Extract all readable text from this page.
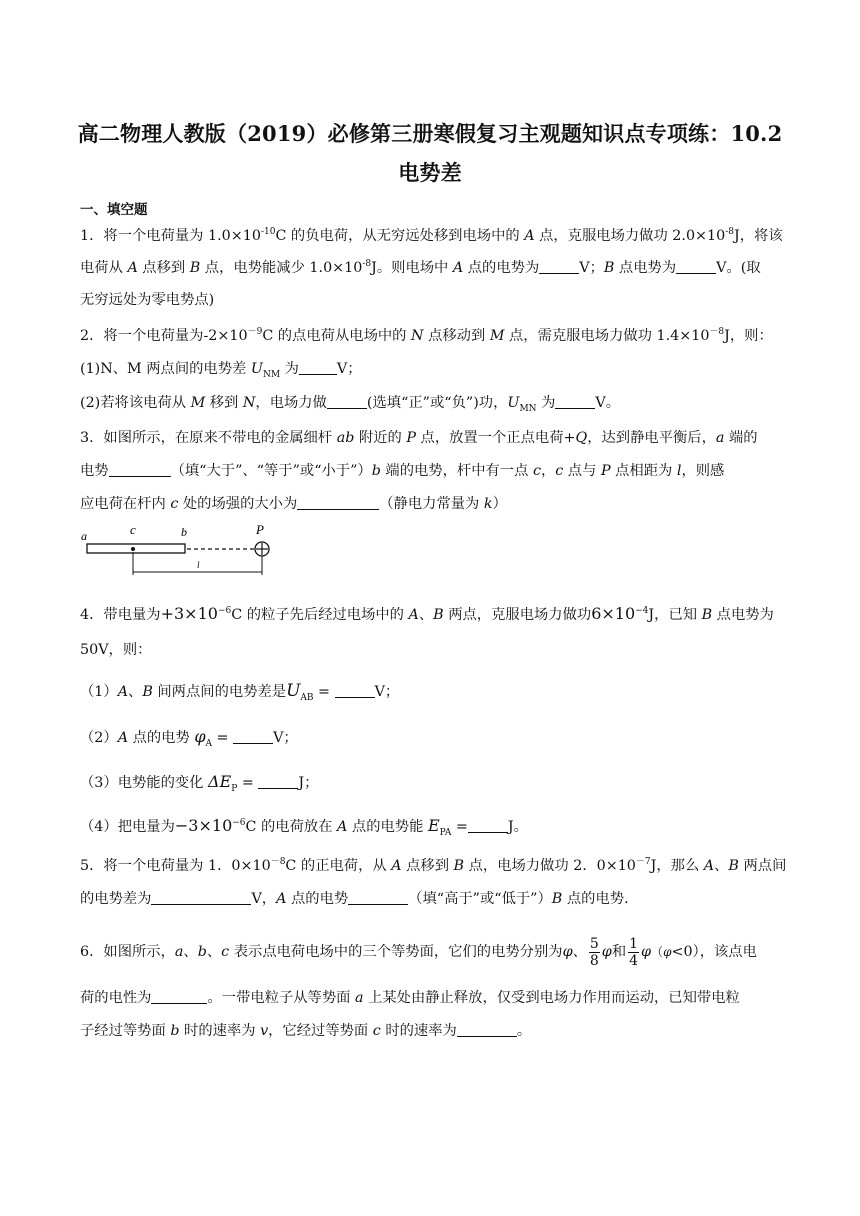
高二物理人教版（2019）必修第三册寒假复习主观题知识点专项练：10.2
电势差
一、填空题
1．将一个电荷量为 $1.0\times 10^{-10}C$ 的负电荷，从无穷远处移到电场中的 A 点，克服电场力做功 $2.0\times 10^{-8}J$，将该
电荷从 A 点移到 B 点，电势能减少 $1.0\times 10^{-8}J$。则电场中 A 点的电势为	V；B 点电势为	V。(取
无穷远处为零电势点)
2．将一个电荷量为$-2\times 10^{-9}C$ 的点电荷从电场中的 N 点移动到 M 点，需克服电场力做功 $1.4\times 10^{-8}J$，则：
(1)N、M 两点间的电势差 $U_{NM}$ 为	V；
(2)若将该电荷从 M 移到 N，电场力做	(选填“正”或“负”)功，$U_{MN}$ 为	V。
3．如图所示，在原来不带电的金属细杆 ab 附近的 P 点，放置一个正点电荷+Q，达到静电平衡后，a 端的
电势	（填“大于”、“等于”或“小于”）b 端的电势，杆中有一点 c，c 点与 P 点相距为 l，则感
应电荷在杆内 c 处的场强的大小为	（静电力常量为 k）
a	c	b	P
l
4．带电量为$+3\times 10^{-6}C$ 的粒子先后经过电场中的 A、B 两点，克服电场力做功$6\times 10^{-4}J$，已知 B 点电势为
50V，则：
（1）A、B 间两点间的电势差是$U_{AB}$ =	V；
（2）A 点的电势 $\varphi_A$ =	V；
（3）电势能的变化 $\Delta E_P$ =	J；
（4）把电量为$-3\times 10^{-6}C$ 的电荷放在 A 点的电势能 $E_{PA}$ =	J。
5．将一个电荷量为 1．$0\times 10^{-8}C$ 的正电荷，从 A 点移到 B 点，电场力做功 2．$0\times 10^{-7}J$，那么 A、B 两点间
的电势差为	V，A 点的电势	（填“高于”或“低于”）B 点的电势.
6．如图所示，a、b、c 表示点电荷电场中的三个等势面，它们的电势分别为φ、 $\frac{5}{8}$ φ和 $\frac{1}{4} \varphi(\varphi<0)$，该点电
荷的电性为	。一带电粒子从等势面 a 上某处由静止释放，仅受到电场力作用而运动，已知带电粒
子经过等势面 b 时的速率为 v，它经过等势面 c 时的速率为	。
